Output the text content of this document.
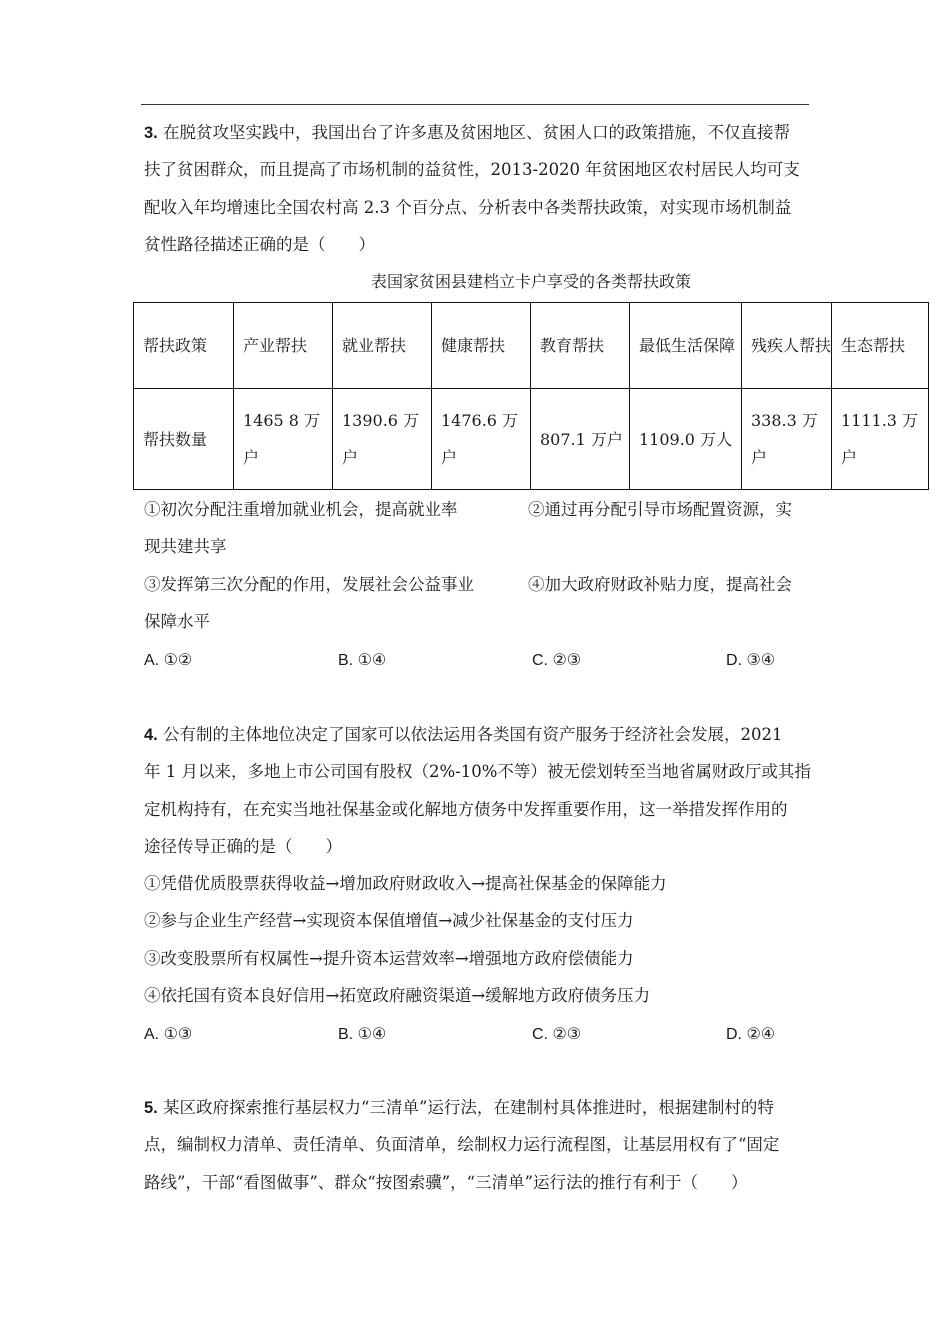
3. 在脱贫攻坚实践中，我国出台了许多惠及贫困地区、贫困人口的政策措施，不仅直接帮
扶了贫困群众，而且提高了市场机制的益贫性，2013-2020 年贫困地区农村居民人均可支
配收入年均增速比全国农村高 2.3 个百分点、分析表中各类帮扶政策，对实现市场机制益
贫性路径描述正确的是（　　）
表国家贫困县建档立卡户享受的各类帮扶政策
帮扶政策	产业帮扶	就业帮扶	健康帮扶	教育帮扶	最低生活保障	残疾人帮扶	生态帮扶
帮扶数量	1465 8 万户	1390.6 万户	1476.6 万户	807.1 万户	1109.0 万人	338.3 万户	1111.3 万户
①初次分配注重增加就业机会，提高就业率	②通过再分配引导市场配置资源，实
现共建共享
③发挥第三次分配的作用，发展社会公益事业	④加大政府财政补贴力度，提高社会
保障水平
A. ①②	B. ①④	C. ②③	D. ③④
4. 公有制的主体地位决定了国家可以依法运用各类国有资产服务于经济社会发展，2021
年 1 月以来，多地上市公司国有股权（2%-10%不等）被无偿划转至当地省属财政厅或其指
定机构持有，在充实当地社保基金或化解地方债务中发挥重要作用，这一举措发挥作用的
途径传导正确的是（　　）
①凭借优质股票获得收益→增加政府财政收入→提高社保基金的保障能力
②参与企业生产经营→实现资本保值增值→减少社保基金的支付压力
③改变股票所有权属性→提升资本运营效率→增强地方政府偿债能力
④依托国有资本良好信用→拓宽政府融资渠道→缓解地方政府债务压力
A. ①③	B. ①④	C. ②③	D. ②④
5. 某区政府探索推行基层权力“三清单”运行法，在建制村具体推进时，根据建制村的特
点，编制权力清单、责任清单、负面清单，绘制权力运行流程图，让基层用权有了“固定
路线”，干部“看图做事”、群众“按图索骥”，“三清单”运行法的推行有利于（　　）
